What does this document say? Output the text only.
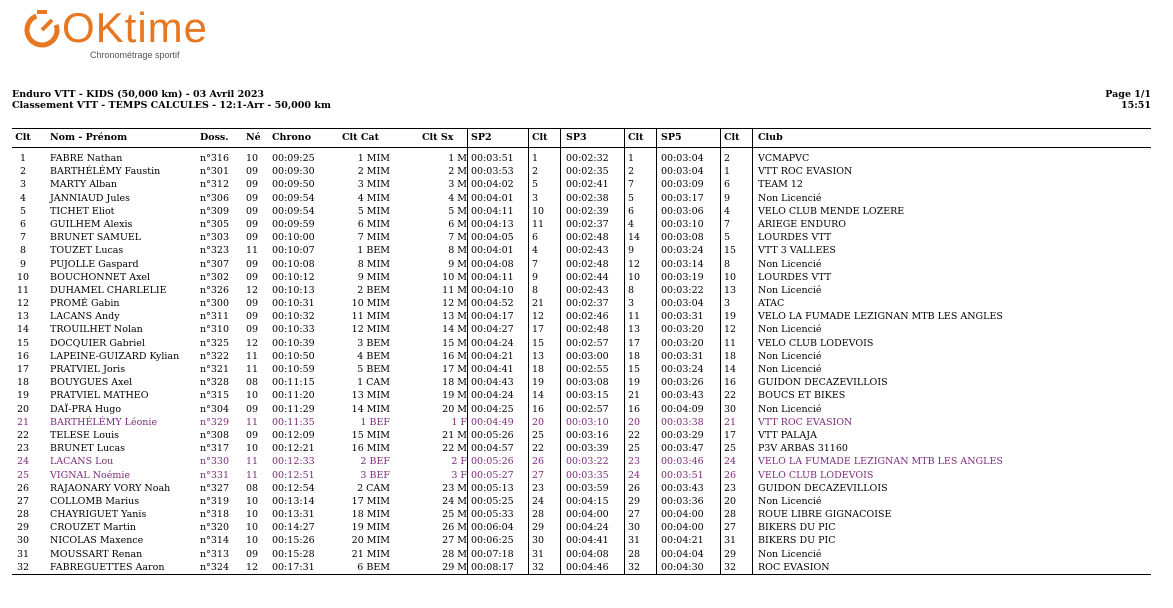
OKtime
Chronométrage sportif
Enduro VTT - KIDS (50,000 km) - 03 Avril 2023
Classement VTT - TEMPS CALCULES - 12:1-Arr - 50,000 km
Page 1/1
15:51
Clt	Nom - Prénom	Doss. Né Chrono	Clt Cat	Clt Sx SP2	Clt SP3	Clt SP5	Clt Club
1	FABRE Nathan	n°316 10 00:09:25	1 MIM	1 M 00:03:51 1	00:02:32 1	00:03:04 2	VCMAPVC
2	BARTHÉLÉMY Faustin	n°301 09 00:09:30	2 MIM	2 M 00:03:53 2	00:02:35 2	00:03:04 1	VTT ROC EVASION
3	MARTY Alban	n°312 09 00:09:50	3 MIM	3 M 00:04:02 5	00:02:41 7	00:03:09 6	TEAM 12
4	JANNIAUD Jules	n°306 09 00:09:54	4 MIM	4 M 00:04:01 3	00:02:38 5	00:03:17 9	Non Licencié
5	TICHET Eliot	n°309 09 00:09:54	5 MIM	5 M 00:04:11 10 00:02:39 6	00:03:06 4	VELO CLUB MENDE LOZERE
6	GUILHEM Alexis	n°305 09 00:09:59	6 MIM	6 M 00:04:13 11 00:02:37 4	00:03:10 7	ARIEGE ENDURO
7	BRUNET SAMUEL	n°303 09 00:10:00	7 MIM	7 M 00:04:05 6	00:02:48 14 00:03:08 5	LOURDES VTT
8	TOUZET Lucas	n°323 11 00:10:07	1 BEM	8 M 00:04:01 4	00:02:43 9	00:03:24 15 VTT 3 VALLEES
9	PUJOLLE Gaspard	n°307 09 00:10:08	8 MIM	9 M 00:04:08 7	00:02:48 12 00:03:14 8	Non Licencié
10	BOUCHONNET Axel	n°302 09 00:10:12	9 MIM	10 M 00:04:11 9	00:02:44 10 00:03:19 10 LOURDES VTT
11	DUHAMEL CHARLELIE	n°326 12 00:10:13	2 BEM	11 M 00:04:10 8	00:02:43 8	00:03:22 13 Non Licencié
12	PROMÉ Gabin	n°300 09 00:10:31	10 MIM	12 M 00:04:52 21 00:02:37 3	00:03:04 3	ATAC
13	LACANS Andy	n°311 09 00:10:32	11 MIM	13 M 00:04:17 12 00:02:46 11 00:03:31 19 VELO LA FUMADE LEZIGNAN MTB LES ANGLES
14	TROUILHET Nolan	n°310 09 00:10:33	12 MIM	14 M 00:04:27 17 00:02:48 13 00:03:20 12 Non Licencié
15	DOCQUIER Gabriel	n°325 12 00:10:39	3 BEM	15 M 00:04:24 15 00:02:57 17 00:03:20 11 VELO CLUB LODEVOIS
16	LAPEINE-GUIZARD Kylian n°322 11 00:10:50	4 BEM	16 M 00:04:21 13 00:03:00 18 00:03:31 18 Non Licencié
17	PRATVIEL Joris	n°321 11 00:10:59	5 BEM	17 M 00:04:41 18 00:02:55 15 00:03:24 14 Non Licencié
18	BOUYGUES Axel	n°328 08 00:11:15	1 CAM	18 M 00:04:43 19 00:03:08 19 00:03:26 16 GUIDON DECAZEVILLOIS
19	PRATVIEL MATHEO	n°315 10 00:11:20	13 MIM	19 M 00:04:24 14 00:03:15 21 00:03:43 22 BOUCS ET BIKES
20	DAÏ-PRA Hugo	n°304 09 00:11:29	14 MIM	20 M 00:04:25 16 00:02:57 16 00:04:09 30 Non Licencié
21	BARTHÉLÉMY Léonie	n°329 11 00:11:35	1 BEF	1 F 00:04:49 20 00:03:10 20 00:03:38 21 VTT ROC EVASION
22	TELESE Louis	n°308 09 00:12:09	15 MIM	21 M 00:05:26 25 00:03:16 22 00:03:29 17 VTT PALAJA
23	BRUNET Lucas	n°317 10 00:12:21	16 MIM	22 M 00:04:57 22 00:03:39 25 00:03:47 25 P3V ARBAS 31160
24	LACANS Lou	n°330 11 00:12:33	2 BEF	2 F 00:05:26 26 00:03:22 23 00:03:46 24 VELO LA FUMADE LEZIGNAN MTB LES ANGLES
25	VIGNAL Noémie	n°331 11 00:12:51	3 BEF	3 F 00:05:27 27 00:03:35 24 00:03:51 26 VELO CLUB LODEVOIS
26	RAJAONARY VORY Noah	n°327 08 00:12:54	2 CAM	23 M 00:05:13 23 00:03:59 26 00:03:43 23 GUIDON DECAZEVILLOIS
27	COLLOMB Marius	n°319 10 00:13:14	17 MIM	24 M 00:05:25 24 00:04:15 29 00:03:36 20 Non Licencié
28	CHAYRIGUET Yanis	n°318 10 00:13:31	18 MIM	25 M 00:05:33 28 00:04:00 27 00:04:00 28 ROUE LIBRE GIGNACOISE
29	CROUZET Martin	n°320 10 00:14:27	19 MIM	26 M 00:06:04 29 00:04:24 30 00:04:00 27 BIKERS DU PIC
30	NICOLAS Maxence	n°314 10 00:15:26	20 MIM	27 M 00:06:25 30 00:04:41 31 00:04:21 31 BIKERS DU PIC
31	MOUSSART Renan	n°313 09 00:15:28	21 MIM	28 M 00:07:18 31 00:04:08 28 00:04:04 29 Non Licencié
32	FABREGUETTES Aaron	n°324 12 00:17:31	6 BEM	29 M 00:08:17 32 00:04:46 32 00:04:30 32 ROC EVASION
